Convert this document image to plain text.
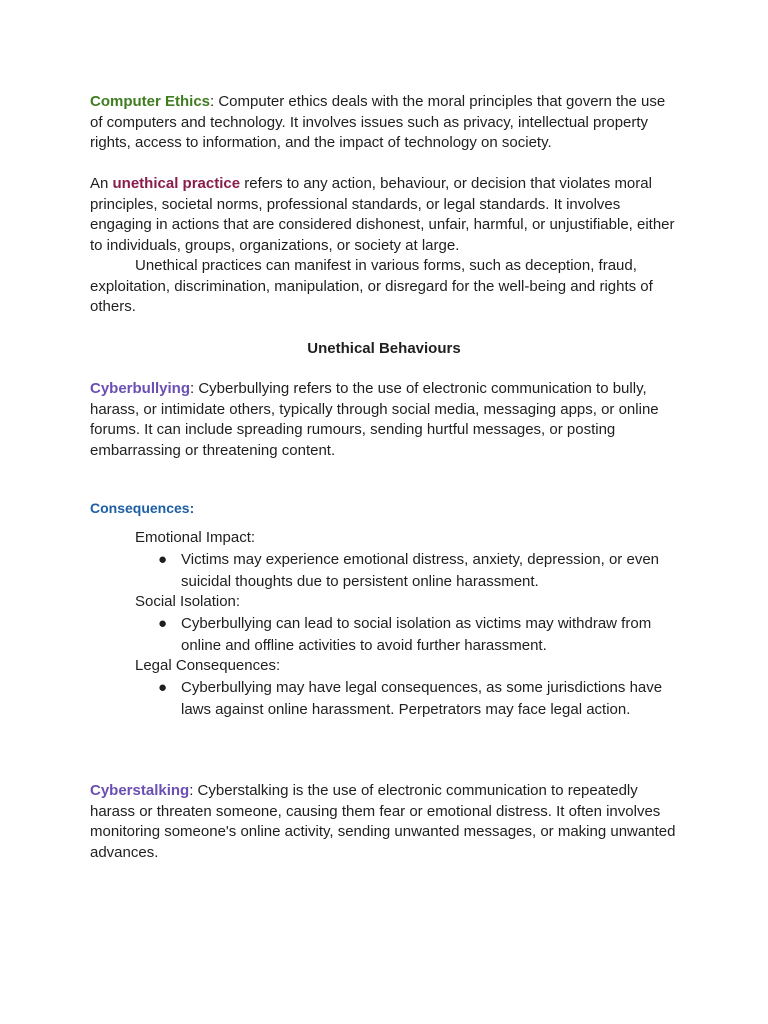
Computer Ethics: Computer ethics deals with the moral principles that govern the use of computers and technology. It involves issues such as privacy, intellectual property rights, access to information, and the impact of technology on society.

An unethical practice refers to any action, behaviour, or decision that violates moral principles, societal norms, professional standards, or legal standards. It involves engaging in actions that are considered dishonest, unfair, harmful, or unjustifiable, either to individuals, groups, organizations, or society at large.

Unethical practices can manifest in various forms, such as deception, fraud, exploitation, discrimination, manipulation, or disregard for the well-being and rights of others.

Unethical Behaviours

Cyberbullying: Cyberbullying refers to the use of electronic communication to bully, harass, or intimidate others, typically through social media, messaging apps, or online forums. It can include spreading rumours, sending hurtful messages, or posting embarrassing or threatening content.

Consequences:

Emotional Impact:

● Victims may experience emotional distress, anxiety, depression, or even suicidal thoughts due to persistent online harassment.

Social Isolation:

● Cyberbullying can lead to social isolation as victims may withdraw from online and offline activities to avoid further harassment.

Legal Consequences:

● Cyberbullying may have legal consequences, as some jurisdictions have laws against online harassment. Perpetrators may face legal action.

Cyberstalking: Cyberstalking is the use of electronic communication to repeatedly harass or threaten someone, causing them fear or emotional distress. It often involves monitoring someone's online activity, sending unwanted messages, or making unwanted advances.
